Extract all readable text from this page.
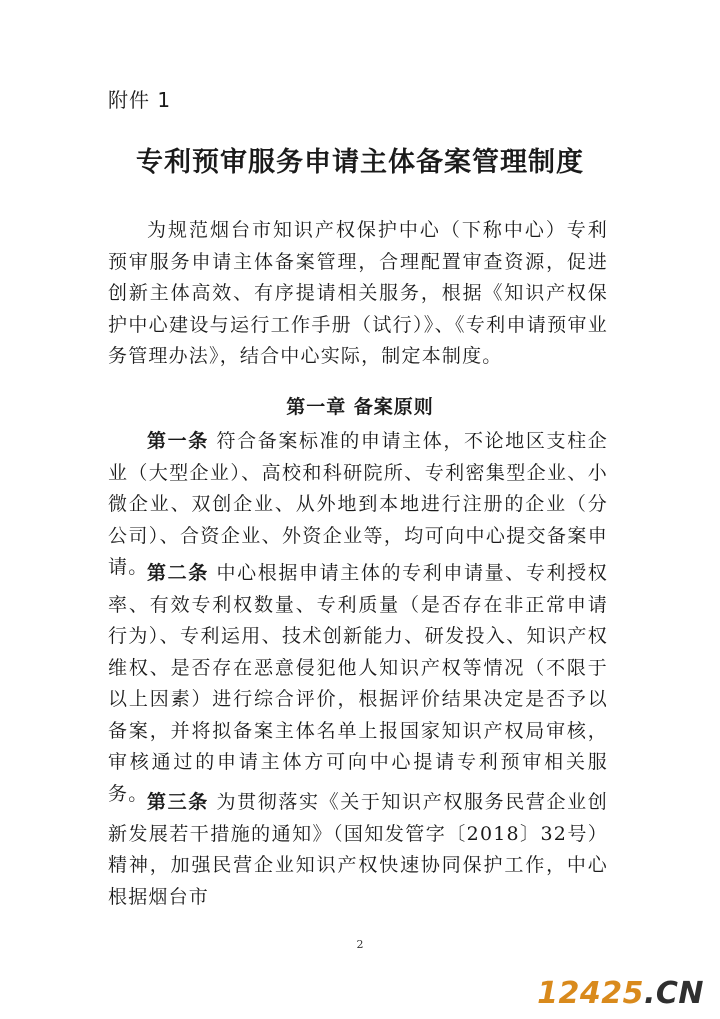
附件 1
专利预审服务申请主体备案管理制度
为规范烟台市知识产权保护中心（下称中心）专利预审服务申请主体备案管理，合理配置审查资源，促进创新主体高效、有序提请相关服务，根据《知识产权保护中心建设与运行工作手册（试行）》、《专利申请预审业务管理办法》，结合中心实际，制定本制度。
第一章 备案原则
第一条 符合备案标准的申请主体，不论地区支柱企业（大型企业）、高校和科研院所、专利密集型企业、小微企业、双创企业、从外地到本地进行注册的企业（分公司）、合资企业、外资企业等，均可向中心提交备案申请。
第二条 中心根据申请主体的专利申请量、专利授权率、有效专利权数量、专利质量（是否存在非正常申请行为）、专利运用、技术创新能力、研发投入、知识产权维权、是否存在恶意侵犯他人知识产权等情况（不限于以上因素）进行综合评价，根据评价结果决定是否予以备案，并将拟备案主体名单上报国家知识产权局审核，审核通过的申请主体方可向中心提请专利预审相关服务。
第三条 为贯彻落实《关于知识产权服务民营企业创新发展若干措施的通知》（国知发管字〔2018〕32号）精神，加强民营企业知识产权快速协同保护工作，中心根据烟台市
2
12425.CN
